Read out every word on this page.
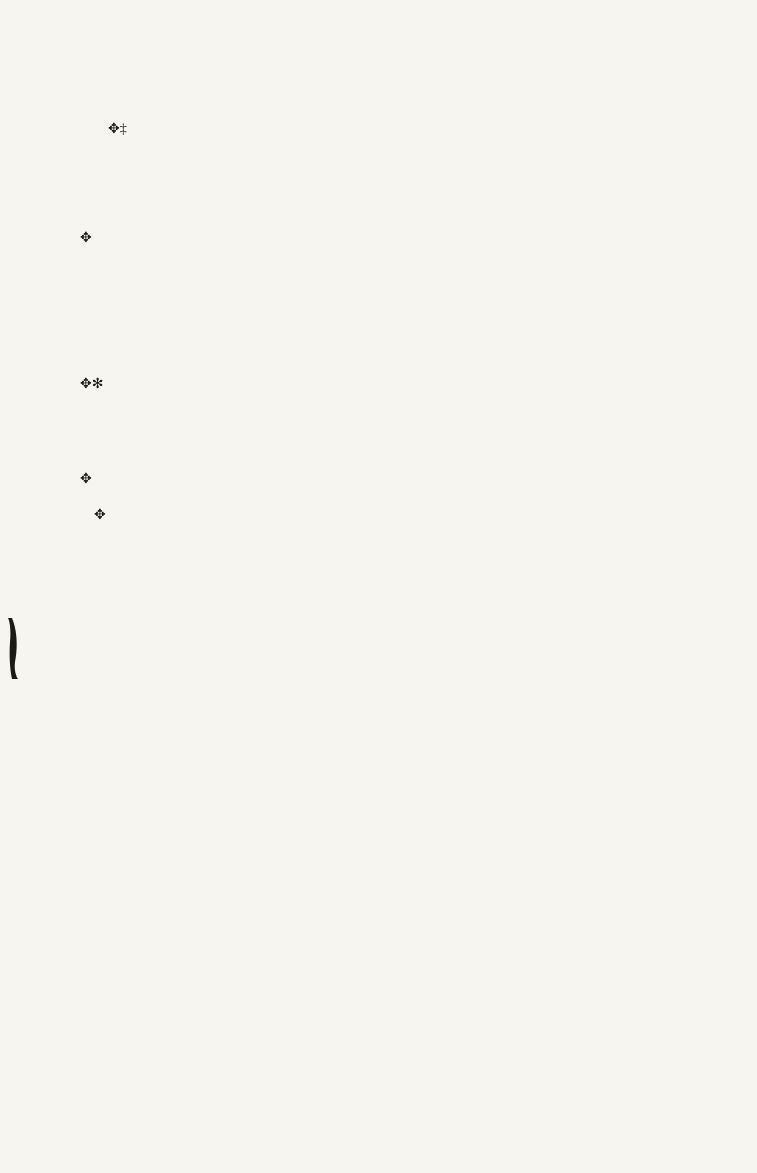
✥‡
✥
✥✻
✥
✥
